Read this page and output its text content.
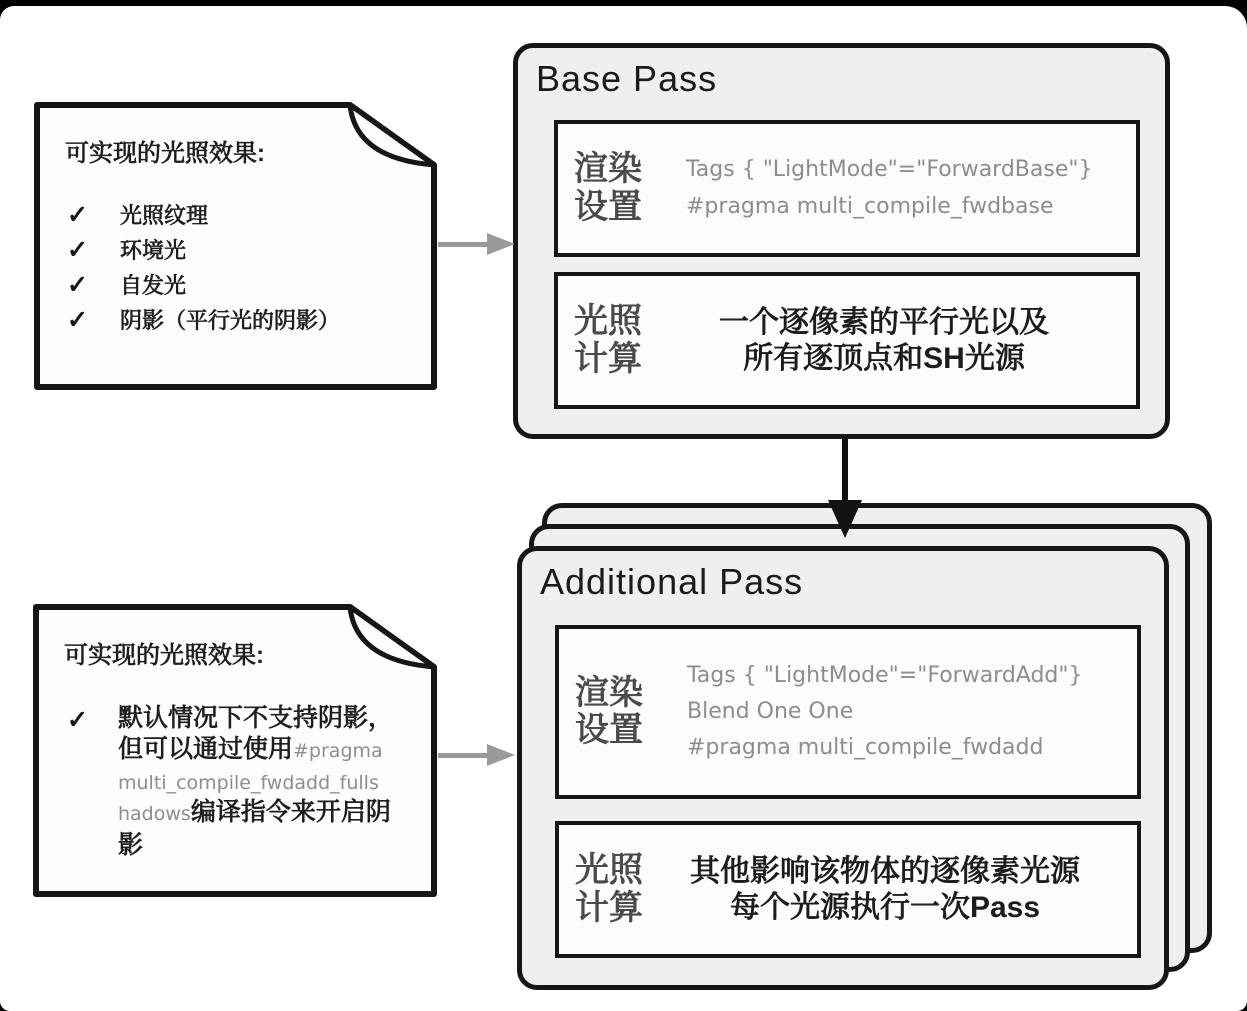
Base Pass
渲染
设置
Tags { "LightMode"="ForwardBase"}
#pragma multi_compile_fwdbase
光照
计算
一个逐像素的平行光以及
所有逐顶点和SH光源
Additional Pass
渲染
设置
Tags { "LightMode"="ForwardAdd"}
Blend One One
#pragma multi_compile_fwdadd
光照
计算
其他影响该物体的逐像素光源
每个光源执行一次Pass
可实现的光照效果:
✓	光照纹理
✓	环境光
✓	自发光
✓	阴影（平行光的阴影）
可实现的光照效果:
✓	默认情况下不支持阴影，
但可以通过使用#pragma
multi_compile_fwdadd_fulls
hadows编译指令来开启阴
影
